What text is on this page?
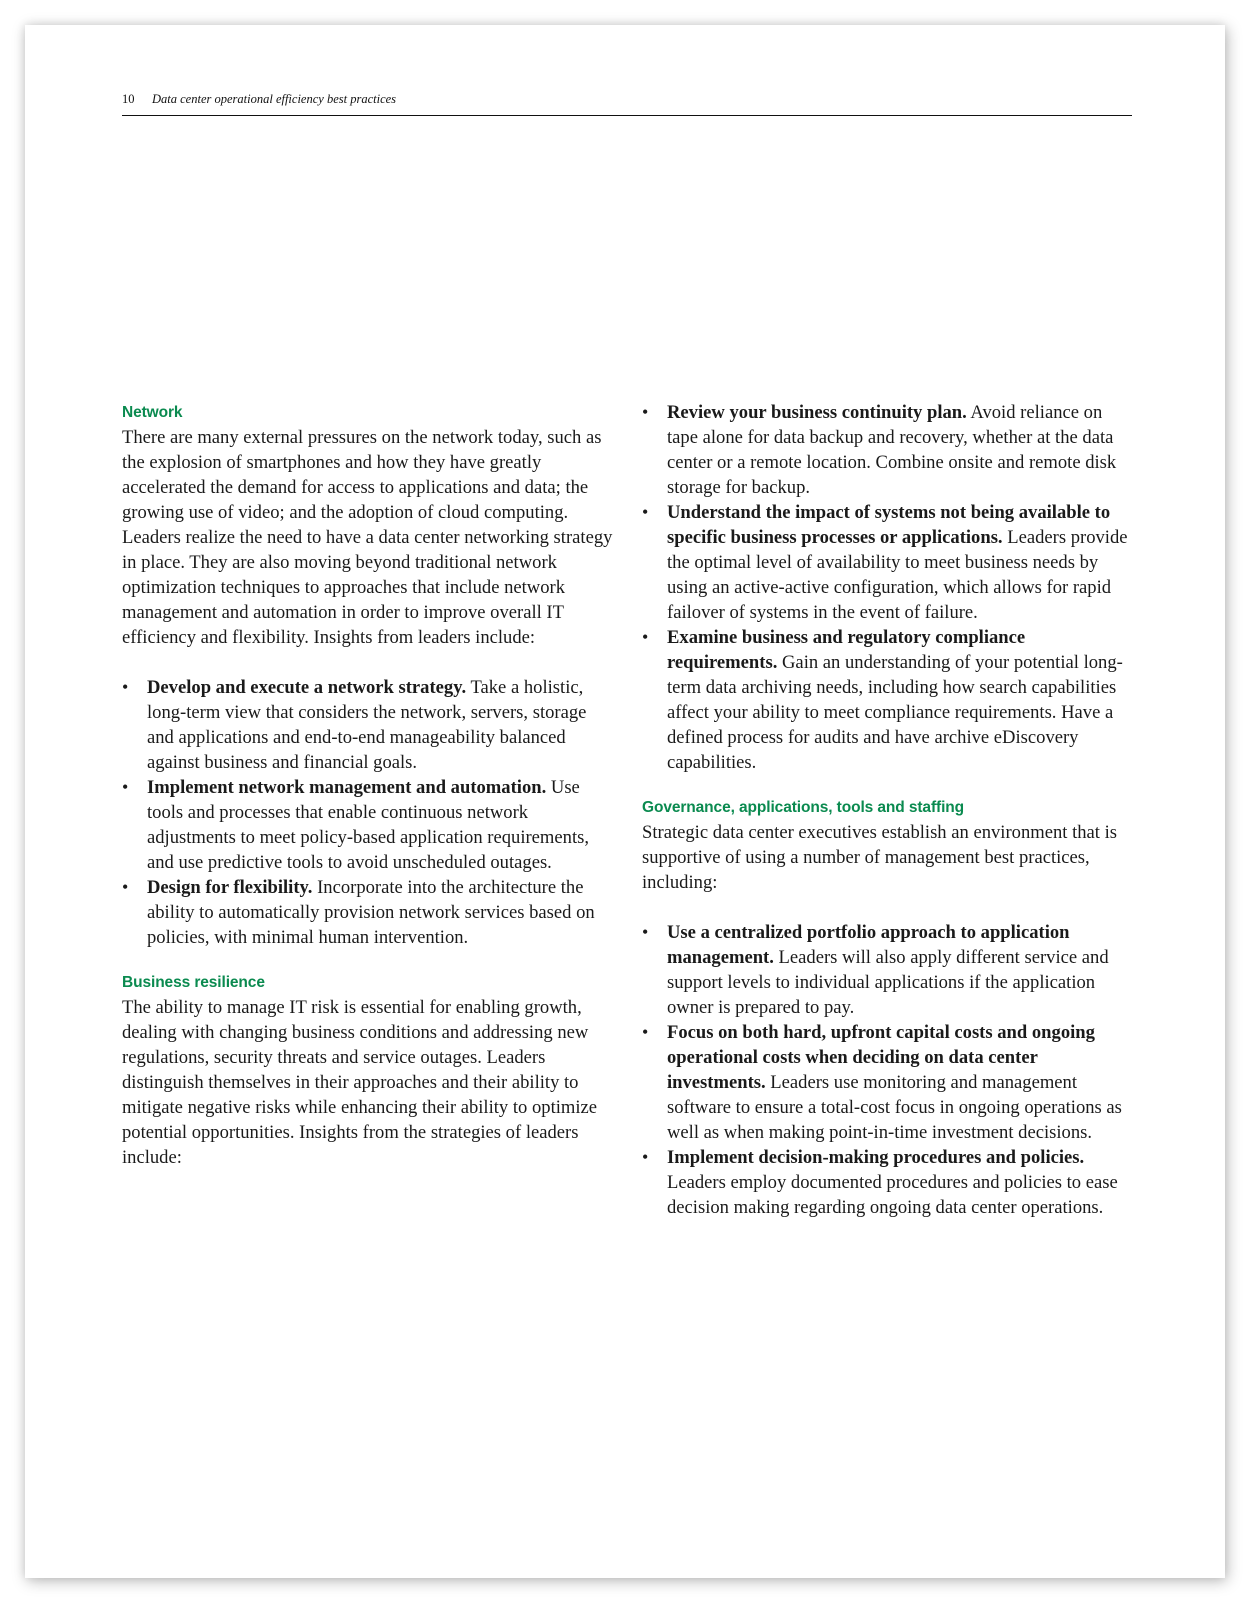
10 Data center operational efficiency best practices
Network

There are many external pressures on the network today, such as the explosion of smartphones and how they have greatly accelerated the demand for access to applications and data; the growing use of video; and the adoption of cloud computing. Leaders realize the need to have a data center networking strategy in place. They are also moving beyond traditional network optimization techniques to approaches that include network management and automation in order to improve overall IT efficiency and flexibility. Insights from leaders include:

•	Develop and execute a network strategy. Take a holistic, long-term view that considers the network, servers, storage and applications and end-to-end manageability balanced against business and financial goals.
•	Implement network management and automation. Use tools and processes that enable continuous network adjustments to meet policy-based application requirements, and use predictive tools to avoid unscheduled outages.
•	Design for flexibility. Incorporate into the architecture the ability to automatically provision network services based on policies, with minimal human intervention.
Business resilience

The ability to manage IT risk is essential for enabling growth, dealing with changing business conditions and addressing new regulations, security threats and service outages. Leaders distinguish themselves in their approaches and their ability to mitigate negative risks while enhancing their ability to optimize potential opportunities. Insights from the strategies of leaders include:

•	Review your business continuity plan. Avoid reliance on tape alone for data backup and recovery, whether at the data center or a remote location. Combine onsite and remote disk storage for backup.
•	Understand the impact of systems not being available to specific business processes or applications. Leaders provide the optimal level of availability to meet business needs by using an active-active configuration, which allows for rapid failover of systems in the event of failure.
•	Examine business and regulatory compliance requirements. Gain an understanding of your potential long-term data archiving needs, including how search capabilities affect your ability to meet compliance requirements. Have a defined process for audits and have archive eDiscovery capabilities.
Governance, applications, tools and staffing

Strategic data center executives establish an environment that is supportive of using a number of management best practices, including:

•	Use a centralized portfolio approach to application management. Leaders will also apply different service and support levels to individual applications if the application owner is prepared to pay.
•	Focus on both hard, upfront capital costs and ongoing operational costs when deciding on data center investments. Leaders use monitoring and management software to ensure a total-cost focus in ongoing operations as well as when making point-in-time investment decisions.
•	Implement decision-making procedures and policies. Leaders employ documented procedures and policies to ease decision making regarding ongoing data center operations.
